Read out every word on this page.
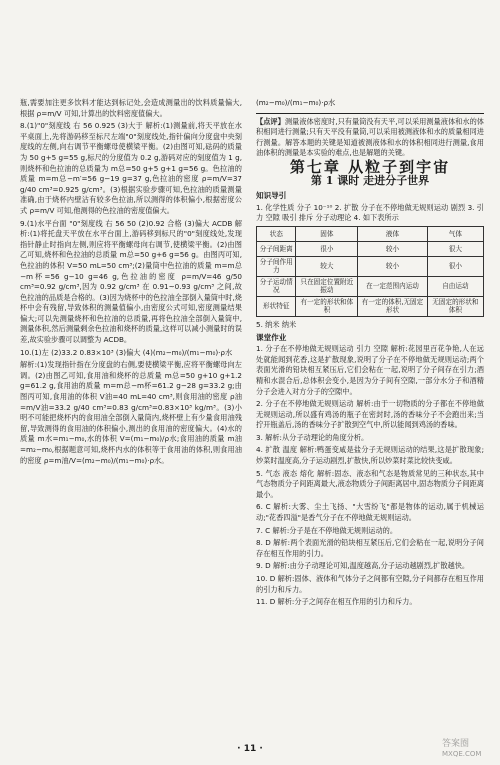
瓶,需要加注更多饮料才能达到标记处,会造成测量出的饮料质量偏大,根据 ρ=m/V 可知,计算出的饮料密度值偏大。

8.(1)"0"刻度线 右 56 0.925 (3)大于 解析:(1)测量前,将天平放在水平桌面上,先将游码移至标尺左端"0"刻度线处,指针偏向分度盘中央刻度线的左侧,向右调节平衡螺母使横梁平衡。(2)由图可知,砝码的质量为 50 g+5 g=55 g,标尺的分度值为 0.2 g,游码对应的刻度值为 1 g,则烧杯和色拉油的总质量为 m总=50 g+5 g+1 g=56 g。色拉油的质量 m=m总−m′=56 g−19 g=37 g,色拉油的密度 ρ=m/V=37 g/40 cm³=0.925 g/cm³。(3)根据实验步骤可知,色拉油的质量测量准确,由于烧杯内壁沾有较多色拉油,所以测得的体积偏小,根据密度公式 ρ=m/V 可知,他测得的色拉油的密度值偏大。

9.(1)水平台面 "0"刻度线 右 56 50 (2)0.92 合格 (3)偏大 ACDB 解析:(1)将托盘天平放在水平台面上,游码移到标尺的"0"刻度线处,发现指针静止时指向左侧,则应将平衡螺母向右调节,使横梁平衡。(2)由图乙可知,烧杯和色拉油的总质量 m总=50 g+6 g=56 g。由图丙可知,色拉油的体积 V=50 mL=50 cm³;(2)量筒中色拉油的质量 m=m总−m杯=56 g−10 g=46 g,色拉油的密度 ρ=m/V=46 g/50 cm³=0.92 g/cm³,因为 0.92 g/cm³ 在 0.91~0.93 g/cm³ 之间,故色拉油的品质是合格的。(3)因为烧杯中的色拉油全部倒入量筒中时,烧杯中会有残留,导致体积的测量值偏小,由密度公式可知,密度测量结果偏大;可以先测量烧杯和色拉油的总质量,再将色拉油全部倒入量筒中,测量体积,然后测量剩余色拉油和烧杯的质量,这样可以减小测量时的误差,故实验步骤可以调整为 ACDB。

10.(1)左 (2)33.2 0.83×10³ (3)偏大 (4)(m₂−m₀)/(m₁−m₀)·ρ水

解析:(1)发现指针指在分度盘的右侧,要使横梁平衡,应将平衡螺母向左调。(2)由图乙可知,食用油和烧杯的总质量 m总=50 g+10 g+1.2 g=61.2 g,食用油的质量 m=m总−m杯=61.2 g−28 g=33.2 g;由图丙可知,食用油的体积 V油=40 mL=40 cm³,则食用油的密度 ρ油=m/V油=33.2 g/40 cm³=0.83 g/cm³=0.83×10³ kg/m³。(3)小明不可能把烧杯内的食用油全部倒入量筒内,烧杯壁上有少量食用油残留,导致测得的食用油的体积偏小,测出的食用油的密度偏大。(4)水的质量 m水=m₁−m₀,水的体积 V=(m₁−m₀)/ρ水;食用油的质量 m油=m₂−m₀,根据题意可知,烧杯内水的体积等于食用油的体积,则食用油的密度 ρ=m油/V=(m₂−m₀)/(m₁−m₀)·ρ水。

(m₂−m₀)/(m₁−m₀)·ρ水

【点评】测量液体密度时,只有量筒没有天平,可以采用测量液体和水的体积相同进行测量;只有天平没有量筒,可以采用被测液体和水的质量相同进行测量。解答本题的关键是知道被测液体和水的体积相同进行测量,食用油体积的测量是本实验的难点,也是解题的关键。

第七章 从粒子到宇宙
第 1 课时 走进分子世界
知识导引

1. 化学性质 分子 10⁻¹⁰ 2. 扩散 分子在不停地做无规则运动 剧烈 3. 引力 空隙 吸引 排斥 分子动理论 4. 如下表所示

状态	固体	液体	气体
分子间距离	很小	较小	很大
分子间作用力	较大	较小	很小
分子运动情况	只在固定位置附近振动	在一定范围内运动	自由运动
形状特征	有一定的形状和体积	有一定的体积,无固定形状	无固定的形状和体积

5. 纳米 纳米

课堂作业

1. 分子在不停地做无规则运动 引力 空隙 解析:花园里百花争艳,人在远处就能闻到花香,这是扩散现象,说明了分子在不停地做无规则运动;两个表面光滑的铅块相互紧压后,它们会粘在一起,说明了分子间存在引力;酒精和水混合后,总体积会变小,是因为分子间有空隙,一部分水分子和酒精分子会进入对方分子的空隙中。

2. 分子在不停地做无规则运动 解析:由于一切物质的分子都在不停地做无规则运动,所以盛有鸡汤的瓶子在密封时,汤的香味分子不会跑出来;当拧开瓶盖后,汤的香味分子扩散到空气中,所以能闻到鸡汤的香味。

3. 解析:从分子动理论的角度分析。

4. 扩散 温度 解析:鸭蛋变咸是盐分子无规则运动的结果,这是扩散现象;炒菜时温度高,分子运动剧烈,扩散快,所以炒菜时菜比较快变咸。

5. 气态 液态 熔化 解析:固态、液态和气态是物质常见的三种状态,其中气态物质分子间距离最大,液态物质分子间距离居中,固态物质分子间距离最小。

6. C 解析:大雾、尘土飞扬、"大雪纷飞"都是物体的运动,属于机械运动;"花香四溢"是香气分子在不停地做无规则运动。

7. C 解析:分子是在不停地做无规则运动的。

8. D 解析:两个表面光滑的铅块相互紧压后,它们会粘在一起,说明分子间存在相互作用的引力。

9. D 解析:由分子动理论可知,温度越高,分子运动越剧烈,扩散越快。

10. D 解析:固体、液体和气体分子之间都有空隙,分子间都存在相互作用的引力和斥力。

11. D 解析:分子之间存在相互作用的引力和斥力。

· 11 ·	答案圈
MXQE.COM
